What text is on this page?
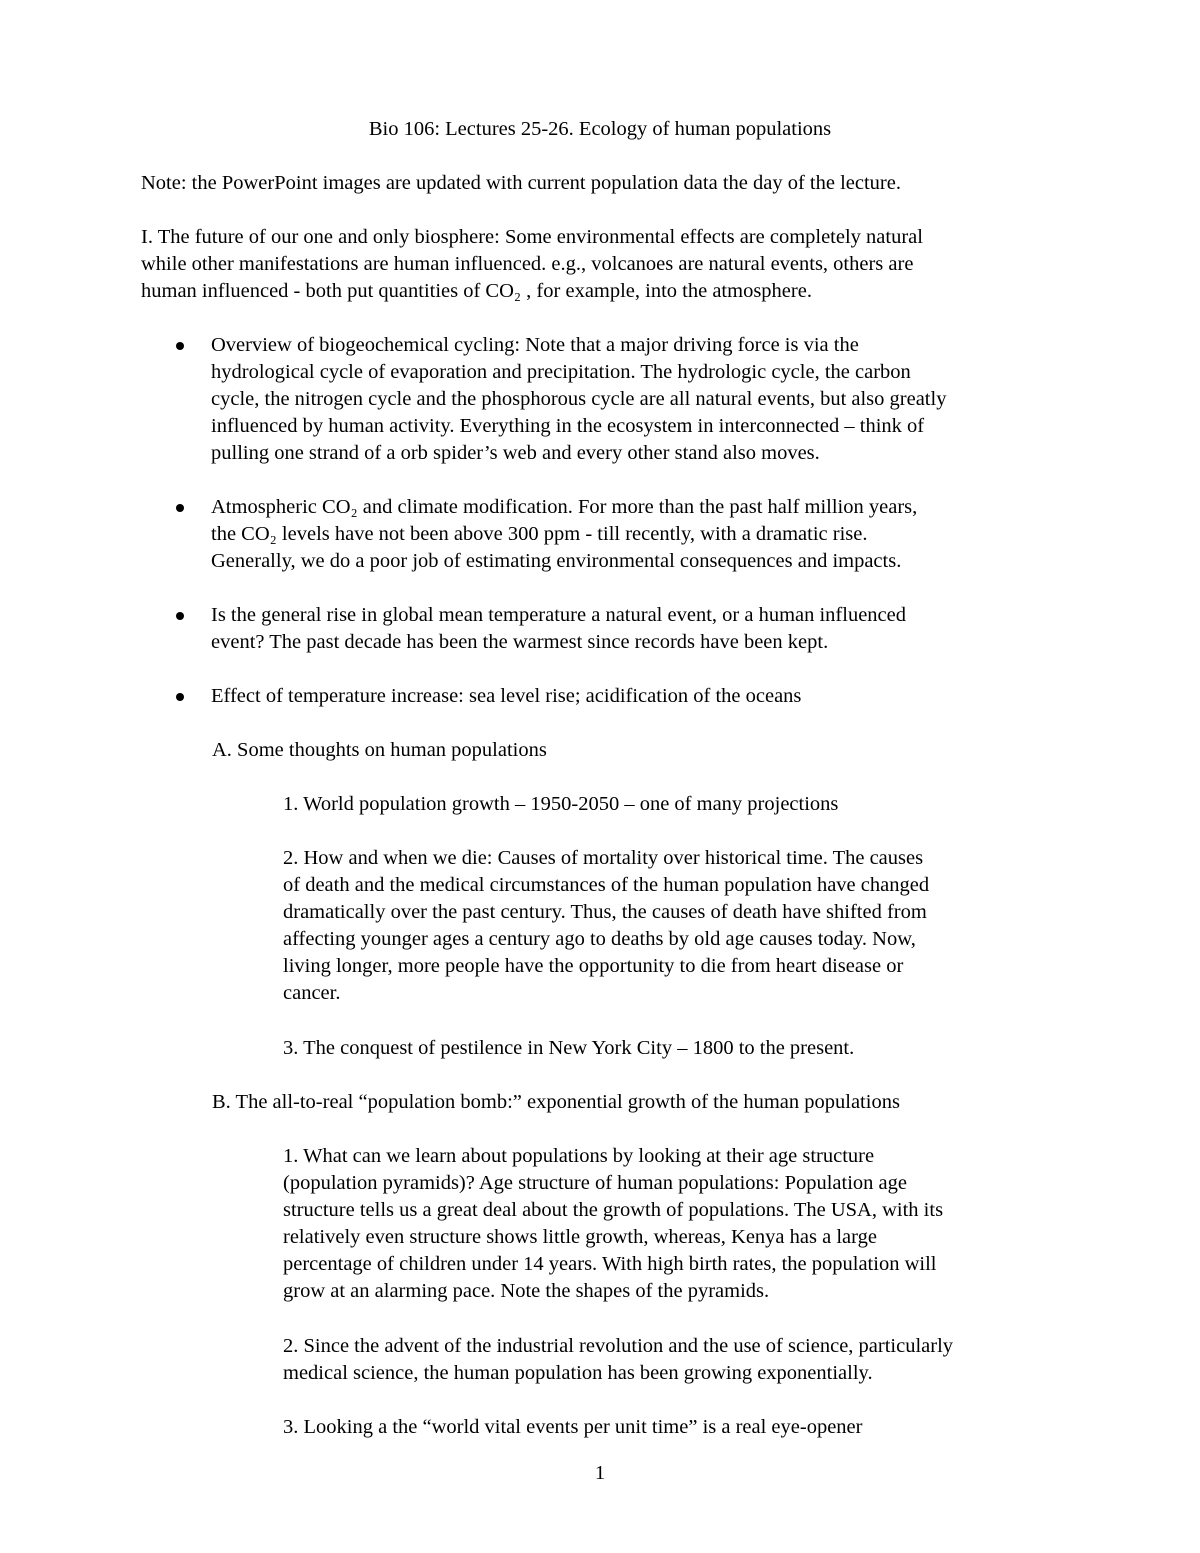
Bio 106: Lectures 25-26. Ecology of human populations
Note: the PowerPoint images are updated with current population data the day of the lecture.
I. The future of our one and only biosphere: Some environmental effects are completely natural
while other manifestations are human influenced. e.g., volcanoes are natural events, others are
human influenced - both put quantities of CO₂ , for example, into the atmosphere.
Overview of biogeochemical cycling: Note that a major driving force is via the
hydrological cycle of evaporation and precipitation. The hydrologic cycle, the carbon
cycle, the nitrogen cycle and the phosphorous cycle are all natural events, but also greatly
influenced by human activity. Everything in the ecosystem in interconnected – think of
pulling one strand of a orb spider’s web and every other stand also moves.
Atmospheric CO₂ and climate modification. For more than the past half million years,
the CO₂ levels have not been above 300 ppm - till recently, with a dramatic rise.
Generally, we do a poor job of estimating environmental consequences and impacts.
Is the general rise in global mean temperature a natural event, or a human influenced
event? The past decade has been the warmest since records have been kept.
Effect of temperature increase: sea level rise; acidification of the oceans
A. Some thoughts on human populations
1. World population growth – 1950-2050 – one of many projections
2. How and when we die: Causes of mortality over historical time. The causes
of death and the medical circumstances of the human population have changed
dramatically over the past century. Thus, the causes of death have shifted from
affecting younger ages a century ago to deaths by old age causes today. Now,
living longer, more people have the opportunity to die from heart disease or
cancer.
3. The conquest of pestilence in New York City – 1800 to the present.
B. The all-to-real “population bomb:” exponential growth of the human populations
1. What can we learn about populations by looking at their age structure
(population pyramids)? Age structure of human populations: Population age
structure tells us a great deal about the growth of populations. The USA, with its
relatively even structure shows little growth, whereas, Kenya has a large
percentage of children under 14 years. With high birth rates, the population will
grow at an alarming pace. Note the shapes of the pyramids.
2. Since the advent of the industrial revolution and the use of science, particularly
medical science, the human population has been growing exponentially.
3. Looking a the “world vital events per unit time” is a real eye-opener
1
